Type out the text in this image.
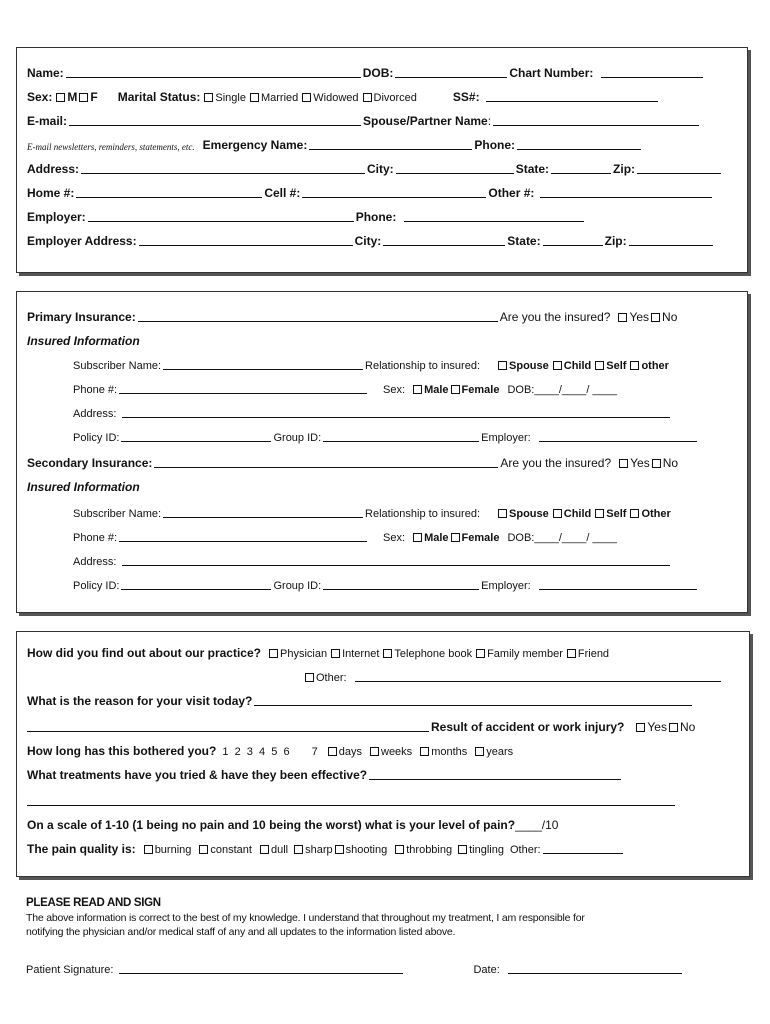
Name:	DOB:	Chart Number:
Sex: M F Marital Status: Single Married Widowed Divorced	SS#:
E-mail:	Spouse/Partner Name :
E-mail newsletters, reminders, statements, etc. Emergency Name:	Phone:
Address:	City:	State:	Zip:
Home #:	Cell #:	Other #:
Employer:	Phone:
Employer Address:	City:	State:	Zip:
Primary Insurance:	Are you the insured? Yes No
Insured Information
Subscriber Name:	Relationship to insured:	Spouse Child Self other
Phone #:	Sex: Male Female DOB: ____/____/ ____
Address:
Policy ID:	Group ID:	Employer:
Secondary Insurance:	Are you the insured? Yes No
Insured Information
Subscriber Name:	Relationship to insured:	Spouse Child Self Other
Phone #:	Sex: Male Female DOB: ____/____/ ____
Address:
Policy ID:	Group ID:	Employer:
How did you find out about our practice? Physician Internet Telephone book Family member Friend
Other:
What is the reason for your visit today?
Result of accident or work injury? Yes No
How long has this bothered you? 1  2  3  4  5  6 7 days weeks months years
What treatments have you tried & have they been effective?
On a scale of 1-10 (1 being no pain and 10 being the worst) what is your level of pain? ____ /10
The pain quality is: burning constant dull sharp shooting throbbing tingling Other:
PLEASE READ AND SIGN
The above information is correct to the best of my knowledge. I understand that throughout my treatment, I am responsible for
notifying the physician and/or medical staff of any and all updates to the information listed above.
Patient Signature:	Date:
